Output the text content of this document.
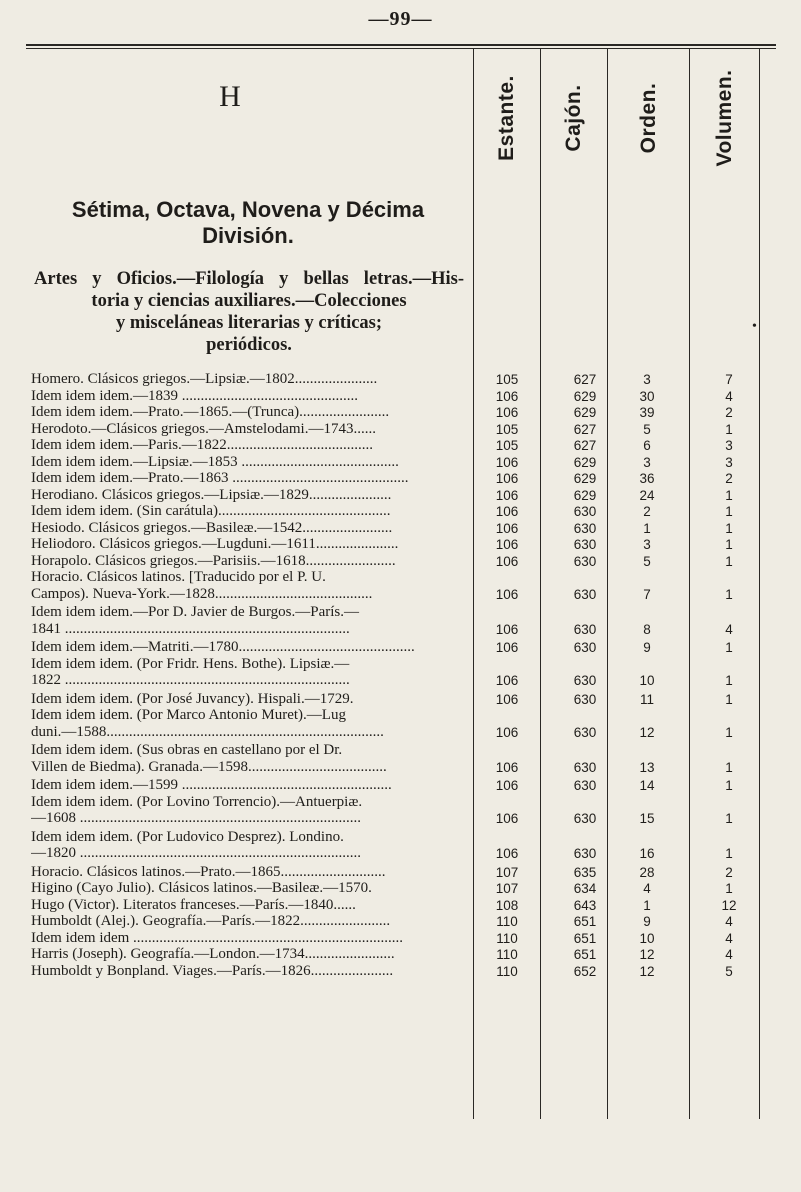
—99—
Estante. Cajón. Orden.	Volumen.
H
Sétima, Octava, Novena y Décima División.
Artes y Oficios.—Filología y bellas letras.—His-
toria y ciencias auxiliares.—Colecciones
y misceláneas literarias y críticas;
periódicos.
•
Homero. Clásicos griegos.—Lipsiæ.—1802......................	105	627	3	7
Idem idem idem.—1839 ...............................................	106	629	30	4
Idem idem idem.—Prato.—1865.—(Trunca)........................	106	629	39	2
Herodoto.—Clásicos griegos.—Amstelodami.—1743......	105	627	5	1
Idem idem idem.—Paris.—1822.......................................	105	627	6	3
Idem idem idem.—Lipsiæ.—1853 ..........................................	106	629	3	3
Idem idem idem.—Prato.—1863 ...............................................	106	629	36	2
Herodiano. Clásicos griegos.—Lipsiæ.—1829......................	106	629	24	1
Idem idem idem. (Sin carátula)..............................................	106	630	2	1
Hesiodo. Clásicos griegos.—Basileæ.—1542........................	106	630	1	1
Heliodoro. Clásicos griegos.—Lugduni.—1611......................	106	630	3	1
Horapolo. Clásicos griegos.—Parisiis.—1618........................	106	630	5	1
Horacio. Clásicos latinos. [Traducido por el P. U.
Campos). Nueva-York.—1828..........................................	106	630	7	1
Idem idem idem.—Por D. Javier de Burgos.—París.—
1841 ............................................................................	106	630	8	4
Idem idem idem.—Matriti.—1780...............................................	106	630	9	1
Idem idem idem. (Por Fridr. Hens. Bothe). Lipsiæ.—
1822 ............................................................................	106	630	10	1
Idem idem idem. (Por José Juvancy). Hispali.—1729.	106	630	11	1
Idem idem idem. (Por Marco Antonio Muret).—Lug
duni.—1588..........................................................................	106	630	12	1
Idem idem idem. (Sus obras en castellano por el Dr.
Villen de Biedma). Granada.—1598.....................................	106	630	13	1
Idem idem idem.—1599 ........................................................	106	630	14	1
Idem idem idem. (Por Lovino Torrencio).—Antuerpiæ.
—1608 ...........................................................................	106	630	15	1
Idem idem idem. (Por Ludovico Desprez). Londino.
—1820 ...........................................................................	106	630	16	1
Horacio. Clásicos latinos.—Prato.—1865............................	107	635	28	2
Higino (Cayo Julio). Clásicos latinos.—Basileæ.—1570.	107	634	4	1
Hugo (Victor). Literatos franceses.—París.—1840......	108	643	1	12
Humboldt (Alej.). Geografía.—París.—1822........................	110	651	9	4
Idem idem idem ........................................................................	110	651	10	4
Harris (Joseph). Geografía.—London.—1734........................	110	651	12	4
Humboldt y Bonpland. Viages.—París.—1826......................	110	652	12	5
